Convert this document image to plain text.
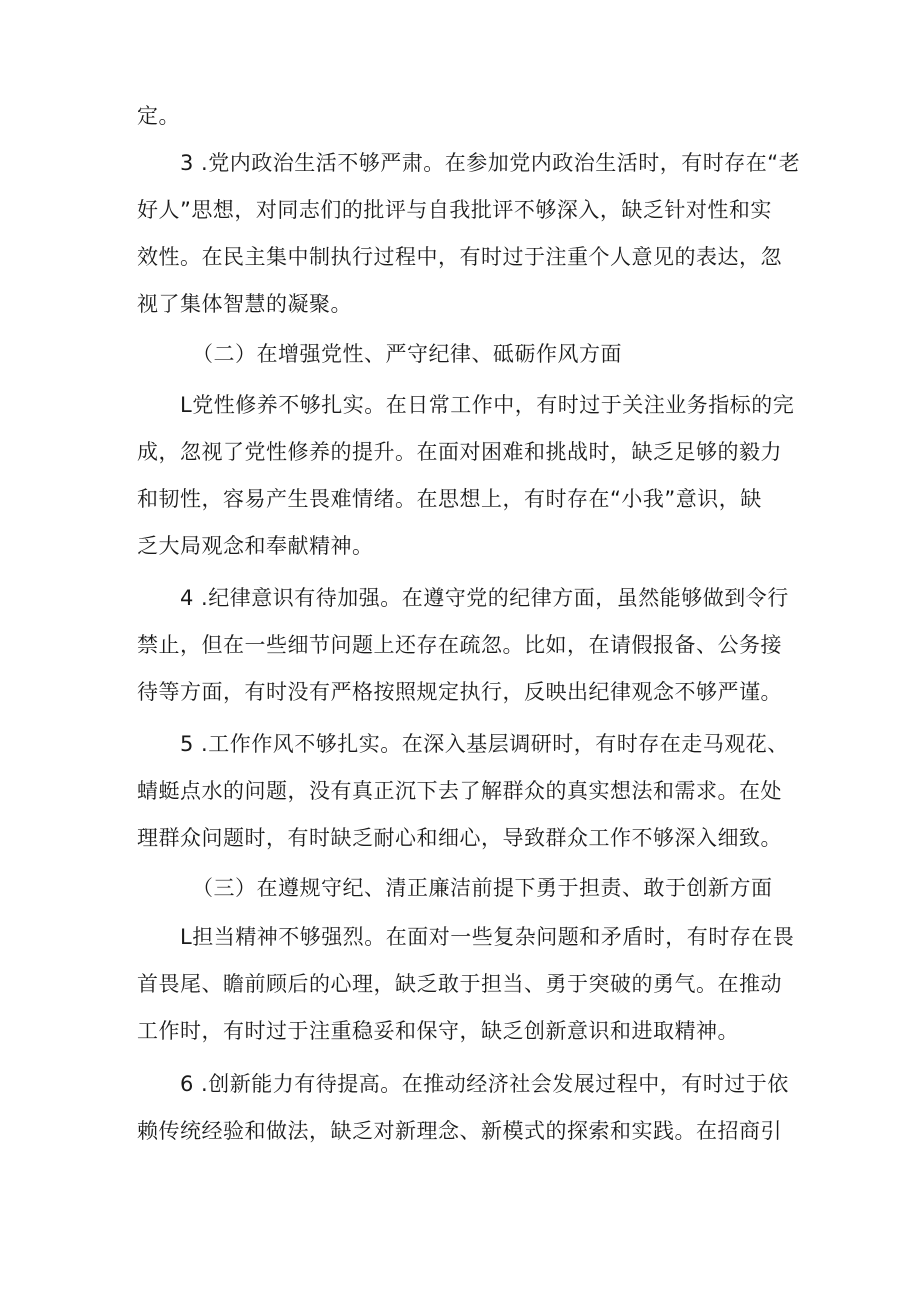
定。

3 .党内政治生活不够严肃。在参加党内政治生活时，有时存在“老

好人”思想，对同志们的批评与自我批评不够深入，缺乏针对性和实

效性。在民主集中制执行过程中，有时过于注重个人意见的表达，忽

视了集体智慧的凝聚。

（二）在增强党性、严守纪律、砥砺作风方面

L党性修养不够扎实。在日常工作中，有时过于关注业务指标的完

成，忽视了党性修养的提升。在面对困难和挑战时，缺乏足够的毅力

和韧性，容易产生畏难情绪。在思想上，有时存在“小我”意识，缺

乏大局观念和奉献精神。

4 .纪律意识有待加强。在遵守党的纪律方面，虽然能够做到令行

禁止，但在一些细节问题上还存在疏忽。比如，在请假报备、公务接

待等方面，有时没有严格按照规定执行，反映出纪律观念不够严谨。

5 .工作作风不够扎实。在深入基层调研时，有时存在走马观花、

蜻蜓点水的问题，没有真正沉下去了解群众的真实想法和需求。在处

理群众问题时，有时缺乏耐心和细心，导致群众工作不够深入细致。

（三）在遵规守纪、清正廉洁前提下勇于担责、敢于创新方面

L担当精神不够强烈。在面对一些复杂问题和矛盾时，有时存在畏

首畏尾、瞻前顾后的心理，缺乏敢于担当、勇于突破的勇气。在推动

工作时，有时过于注重稳妥和保守，缺乏创新意识和进取精神。

6 .创新能力有待提高。在推动经济社会发展过程中，有时过于依

赖传统经验和做法，缺乏对新理念、新模式的探索和实践。在招商引
